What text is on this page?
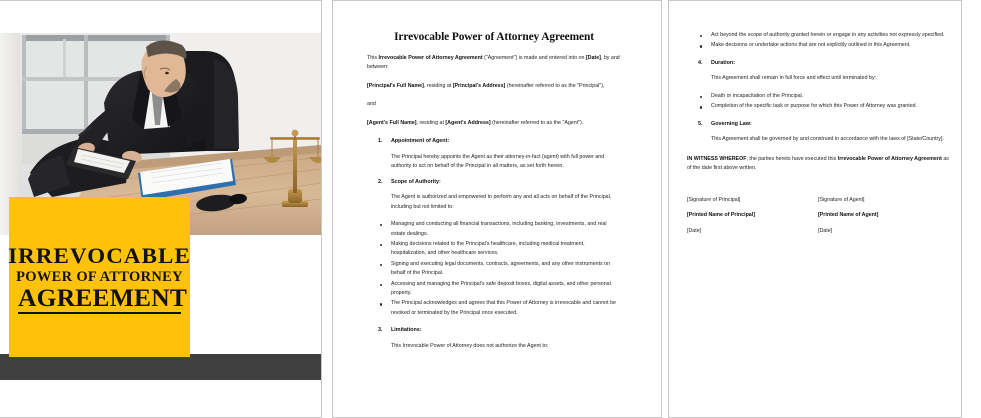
IRREVOCABLE
POWER OF ATTORNEY
AGREEMENT
Irrevocable Power of Attorney Agreement

This Irrevocable Power of Attorney Agreement ("Agreement") is made and entered into on [Date], by and between:

[Principal's Full Name], residing at [Principal's Address] (hereinafter referred to as the "Principal"),

and

[Agent's Full Name], residing at [Agent's Address] (hereinafter referred to as the "Agent").

1. Appointment of Agent:
The Principal hereby appoints the Agent as their attorney-in-fact (agent) with full power and authority to act on behalf of the Principal in all matters, as set forth herein.
2. Scope of Authority:
The Agent is authorized and empowered to perform any and all acts on behalf of the Principal, including but not limited to:
Managing and conducting all financial transactions, including banking, investments, and real estate dealings.
Making decisions related to the Principal's healthcare, including medical treatment, hospitalization, and other healthcare services.
Signing and executing legal documents, contracts, agreements, and any other instruments on behalf of the Principal.
Accessing and managing the Principal's safe deposit boxes, digital assets, and other personal property.
The Principal acknowledges and agrees that this Power of Attorney is irrevocable and cannot be revoked or terminated by the Principal once executed.
3. Limitations:
This Irrevocable Power of Attorney does not authorize the Agent to:
Act beyond the scope of authority granted herein or engage in any activities not expressly specified.
Make decisions or undertake actions that are not explicitly outlined in this Agreement.
4. Duration:
This Agreement shall remain in full force and effect until terminated by:
Death or incapacitation of the Principal.
Completion of the specific task or purpose for which this Power of Attorney was granted.
5. Governing Law:
This Agreement shall be governed by and construed in accordance with the laws of [State/Country].

IN WITNESS WHEREOF, the parties hereto have executed this Irrevocable Power of Attorney Agreement as of the date first above written.

[Signature of Principal]	[Signature of Agent]
[Printed Name of Principal]	[Printed Name of Agent]
[Date]	[Date]
